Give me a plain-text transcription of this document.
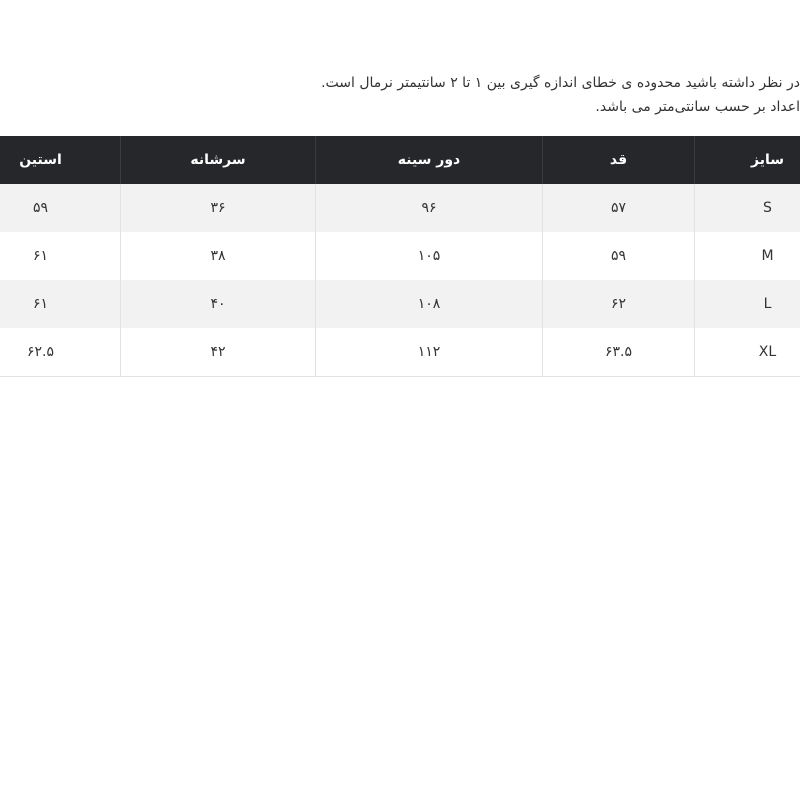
در نظر داشته باشید محدوده ی خطای اندازه گیری بین ۱ تا ۲ سانتیمتر نرمال است.
اعداد بر حسب سانتی‌متر می باشد.
سایز
قد
دور سینه
سرشانه
استین
S
۵۷
۹۶
۳۶
۵۹
M
۵۹
۱۰۵
۳۸
۶۱
L
۶۲
۱۰۸
۴۰
۶۱
XL
۶۳.۵
۱۱۲
۴۲
۶۲.۵
